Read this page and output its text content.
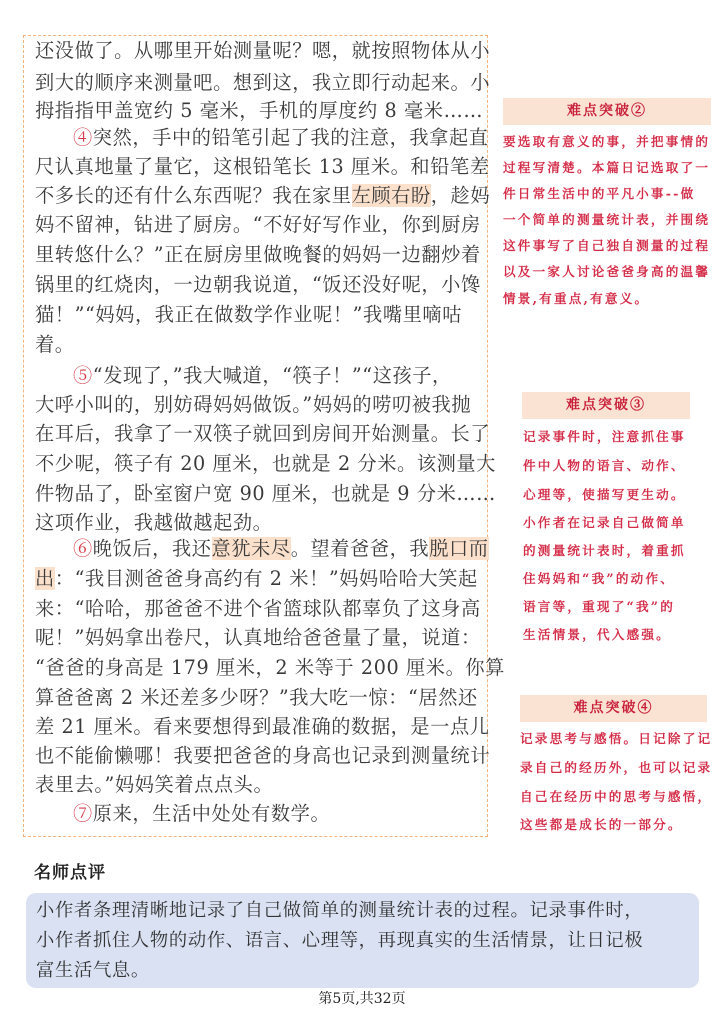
还没做了。从哪里开始测量呢？嗯，就按照物体从小
到大的顺序来测量吧。想到这，我立即行动起来。小
拇指指甲盖宽约 5 毫米，手机的厚度约 8 毫米……
④突然，手中的铅笔引起了我的注意，我拿起直
尺认真地量了量它，这根铅笔长 13 厘米。和铅笔差
不多长的还有什么东西呢？我在家里左顾右盼，趁妈
妈不留神，钻进了厨房。“不好好写作业，你到厨房
里转悠什么？”正在厨房里做晚餐的妈妈一边翻炒着
锅里的红烧肉，一边朝我说道，“饭还没好呢，小馋
猫！”“妈妈，我正在做数学作业呢！”我嘴里嘀咕
着。
⑤“发现了，”我大喊道，“筷子！”“这孩子，
大呼小叫的，别妨碍妈妈做饭。”妈妈的唠叨被我抛
在耳后，我拿了一双筷子就回到房间开始测量。长了
不少呢，筷子有 20 厘米，也就是 2 分米。该测量大
件物品了，卧室窗户宽 90 厘米，也就是 9 分米……
这项作业，我越做越起劲。
⑥晚饭后，我还意犹未尽。望着爸爸，我脱口而
出：“我目测爸爸身高约有 2 米！”妈妈哈哈大笑起
来：“哈哈，那爸爸不进个省篮球队都辜负了这身高
呢！”妈妈拿出卷尺，认真地给爸爸量了量，说道：
“爸爸的身高是 179 厘米，2 米等于 200 厘米。你算
算爸爸离 2 米还差多少呀？”我大吃一惊：“居然还
差 21 厘米。看来要想得到最准确的数据，是一点儿
也不能偷懒哪！我要把爸爸的身高也记录到测量统计
表里去。”妈妈笑着点点头。
⑦原来，生活中处处有数学。
难点突破②
要选取有意义的事，并把事情的
过程写清楚。本篇日记选取了一
件日常生活中的平凡小事--做
一个简单的测量统计表，并围绕
这件事写了自己独自测量的过程
以及一家人讨论爸爸身高的温馨
情景,有重点,有意义。
难点突破③
记录事件时，注意抓住事
件中人物的语言、动作、
心理等，使描写更生动。
小作者在记录自己做简单
的测量统计表时，着重抓
住妈妈和“我”的动作、
语言等，重现了“我”的
生活情景，代入感强。
难点突破④
记录思考与感悟。日记除了记
录自己的经历外，也可以记录
自己在经历中的思考与感悟，
这些都是成长的一部分。
名师点评
小作者条理清晰地记录了自己做简单的测量统计表的过程。记录事件时，
小作者抓住人物的动作、语言、心理等，再现真实的生活情景，让日记极
富生活气息。
第5页,共32页
